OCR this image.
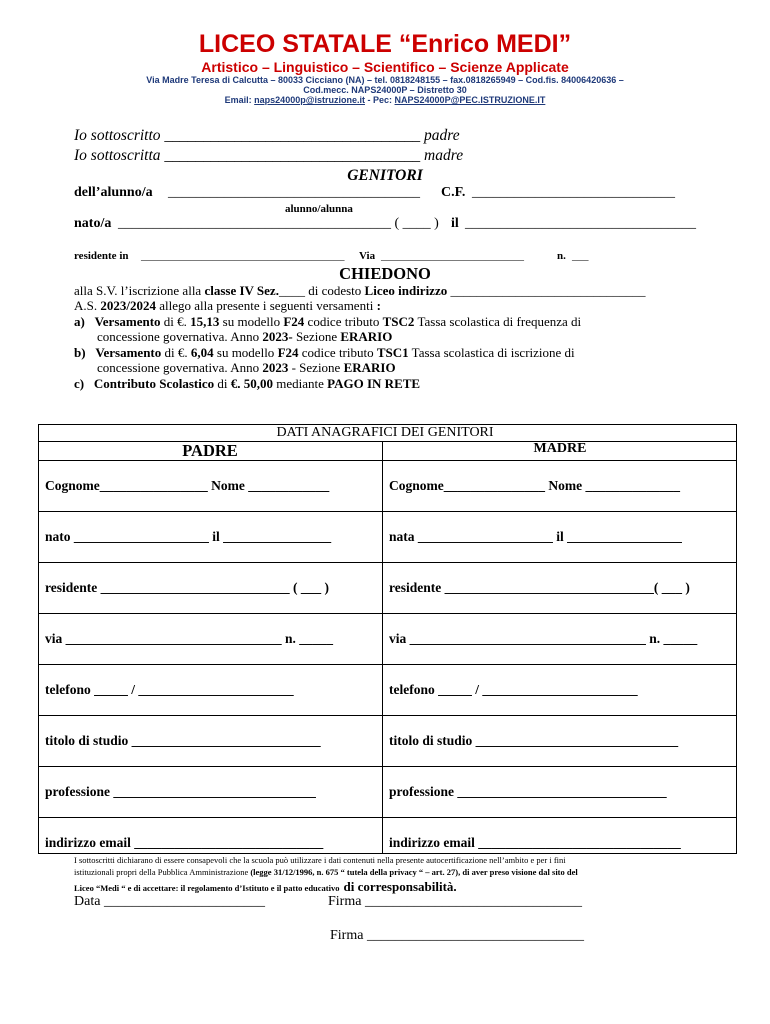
LICEO STATALE “Enrico MEDI”
Artistico – Linguistico – Scientifico – Scienze Applicate
Via Madre Teresa di Calcutta – 80033 Cicciano (NA) – tel. 0818248155 – fax.0818265949 – Cod.fis. 84006420636 –
Cod.mecc. NAPS24000P – Distretto 30
Email: naps24000p@istruzione.it - Pec: NAPS24000P@PEC.ISTRUZIONE.IT
Io sottoscritto _________________________________ padre
Io sottoscritta _________________________________ madre
GENITORI
dell’alunno/a ____________________________________ C.F. _____________________________
alunno/alunna
nato/a _______________________________________ ( ____ ) il _________________________________
residente in _____________________________________ Via __________________________	n. ___
CHIEDONO
alla S.V. l’iscrizione alla classe IV Sez.____ di codesto Liceo indirizzo ______________________________
A.S. 2023/2024 allego alla presente i seguenti versamenti :
a) Versamento di €. 15,13 su modello F24 codice tributo TSC2 Tassa scolastica di frequenza di
concessione governativa. Anno 2023- Sezione ERARIO
b) Versamento di €. 6,04 su modello F24 codice tributo TSC1 Tassa scolastica di iscrizione di
concessione governativa. Anno 2023 - Sezione ERARIO
c) Contributo Scolastico di €. 50,00 mediante PAGO IN RETE
DATI ANAGRAFICI DEI GENITORI
PADRE	MADRE
Cognome________________ Nome ____________	Cognome_______________ Nome ______________
nato ____________________ il ________________	nata ____________________ il _________________
residente ____________________________ ( ___ )	residente _______________________________( ___ )
via ________________________________ n. _____	via ___________________________________ n. _____
telefono _____ / _______________________	telefono _____ / _______________________
titolo di studio ____________________________	titolo di studio ______________________________
professione ______________________________	professione _______________________________
indirizzo email ____________________________	indirizzo email ______________________________
I sottoscritti dichiarano di essere consapevoli che la scuola può utilizzare i dati contenuti nella presente autocertificazione nell’ambito e per i fini
istituzionali propri della Pubblica Amministrazione (legge 31/12/1996, n. 675 “ tutela della privacy “ – art. 27), di aver preso visione dal sito del
Liceo “Medi “ e di accettare: il regolamento d’Istituto e il patto educativo di corresponsabilità.
Data _______________________	Firma _______________________________
Firma _______________________________
